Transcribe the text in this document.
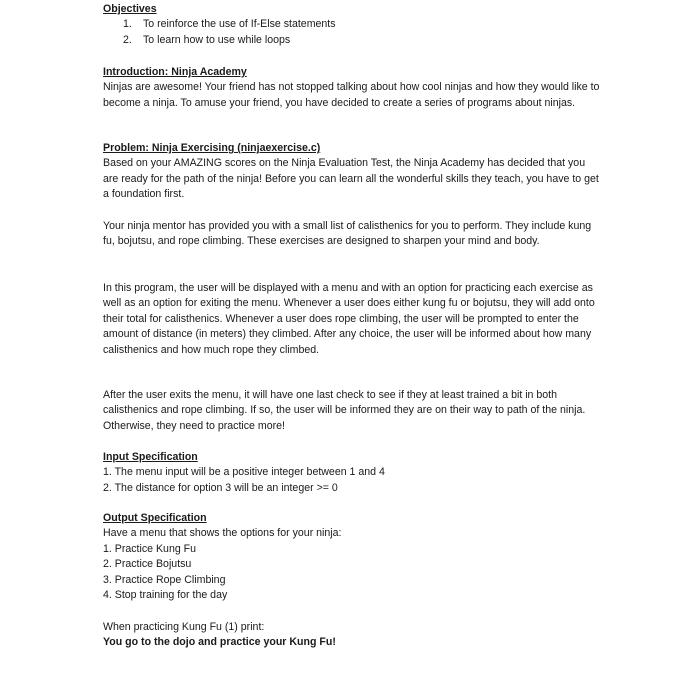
Objectives
1. To reinforce the use of If-Else statements
2. To learn how to use while loops
Introduction: Ninja Academy

Ninjas are awesome! Your friend has not stopped talking about how cool ninjas and how they would like to become a ninja. To amuse your friend, you have decided to create a series of programs about ninjas.

Problem: Ninja Exercising (ninjaexercise.c)

Based on your AMAZING scores on the Ninja Evaluation Test, the Ninja Academy has decided that you are ready for the path of the ninja! Before you can learn all the wonderful skills they teach, you have to get a foundation first.

Your ninja mentor has provided you with a small list of calisthenics for you to perform. They include kung fu, bojutsu, and rope climbing. These exercises are designed to sharpen your mind and body.

In this program, the user will be displayed with a menu and with an option for practicing each exercise as well as an option for exiting the menu. Whenever a user does either kung fu or bojutsu, they will add onto their total for calisthenics. Whenever a user does rope climbing, the user will be prompted to enter the amount of distance (in meters) they climbed. After any choice, the user will be informed about how many calisthenics and how much rope they climbed.

After the user exits the menu, it will have one last check to see if they at least trained a bit in both calisthenics and rope climbing. If so, the user will be informed they are on their way to path of the ninja. Otherwise, they need to practice more!

Input Specification
1. The menu input will be a positive integer between 1 and 4
2. The distance for option 3 will be an integer >= 0
Output Specification

Have a menu that shows the options for your ninja:

1. Practice Kung Fu
2. Practice Bojutsu
3. Practice Rope Climbing
4. Stop training for the day

When practicing Kung Fu (1) print:

You go to the dojo and practice your Kung Fu!
